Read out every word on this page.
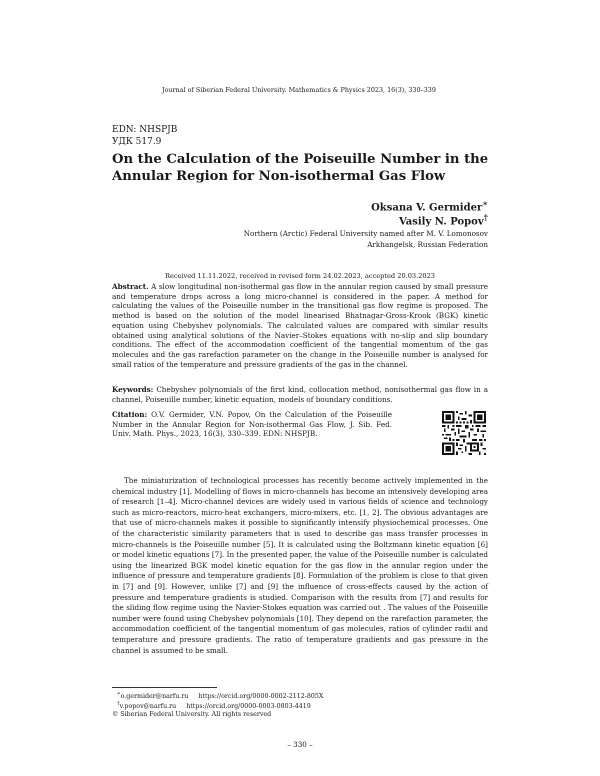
Journal of Siberian Federal University. Mathematics & Physics 2023, 16(3), 330–339
EDN: NHSPJB
УДК 517.9
On the Calculation of the Poiseuille Number in the Annular Region for Non-isothermal Gas Flow
Oksana V. Germider∗
Vasily N. Popov†
Northern (Arctic) Federal University named after M. V. Lomonosov
Arkhangelsk, Russian Federation
Received 11.11.2022, received in revised form 24.02.2023, accepted 20.03.2023
Abstract. A slow longitudinal non-isothermal gas flow in the annular region caused by small pressure and temperature drops across a long micro-channel is considered in the paper. A method for calculating the values of the Poiseuille number in the transitional gas flow regime is proposed. The method is based on the solution of the model linearised Bhatnagar-Gross-Krook (BGK) kinetic equation using Chebyshev polynomials. The calculated values are compared with similar results obtained using analytical solutions of the Navier–Stokes equations with no-slip and slip boundary conditions. The effect of the accommodation coefficient of the tangential momentum of the gas molecules and the gas rarefaction parameter on the change in the Poiseuille number is analysed for small ratios of the temperature and pressure gradients of the gas in the channel.
Keywords: Chebyshev polynomials of the first kind, collocation method, nonisothermal gas flow in a channel, Poiseuille number, kinetic equation, models of boundary conditions.
Citation: O.V. Germider, V.N. Popov, On the Calculation of the Poiseuille Number in the Annular Region for Non-isothermal Gas Flow, J. Sib. Fed. Univ. Math. Phys., 2023, 16(3), 330–339. EDN: NHSPJB.
The miniaturization of technological processes has recently become actively implemented in the chemical industry [1]. Modelling of flows in micro-channels has become an intensively developing area of research [1–4]. Micro-channel devices are widely used in various fields of science and technology such as micro-reactors, micro-heat exchangers, micro-mixers, etc. [1, 2]. The obvious advantages are that use of micro-channels makes it possible to significantly intensify physiochemical processes. One of the characteristic similarity parameters that is used to describe gas mass transfer processes in micro-channels is the Poiseuille number [5]. It is calculated using the Boltzmann kinetic equation [6] or model kinetic equations [7]. In the presented paper, the value of the Poiseuille number is calculated using the linearized BGK model kinetic equation for the gas flow in the annular region under the influence of pressure and temperature gradients [8]. Formulation of the problem is close to that given in [7] and [9]. However, unlike [7] and [9] the influence of cross-effects caused by the action of pressure and temperature gradients is studied. Comparison with the results from [7] and results for the sliding flow regime using the Navier-Stokes equation was carried out . The values of the Poiseuille number were found using Chebyshev polynomials [10]. They depend on the rarefaction parameter, the accommodation coefficient of the tangential momentum of gas molecules, ratios of cylinder radii and temperature and pressure gradients. The ratio of temperature gradients and gas pressure in the channel is assumed to be small.
∗o.germider@narfu.ru https://orcid.org/0000-0002-2112-805X
†v.popov@narfu.ru https://orcid.org/0000-0003-0803-4419
© Siberian Federal University. All rights reserved
– 330 –
